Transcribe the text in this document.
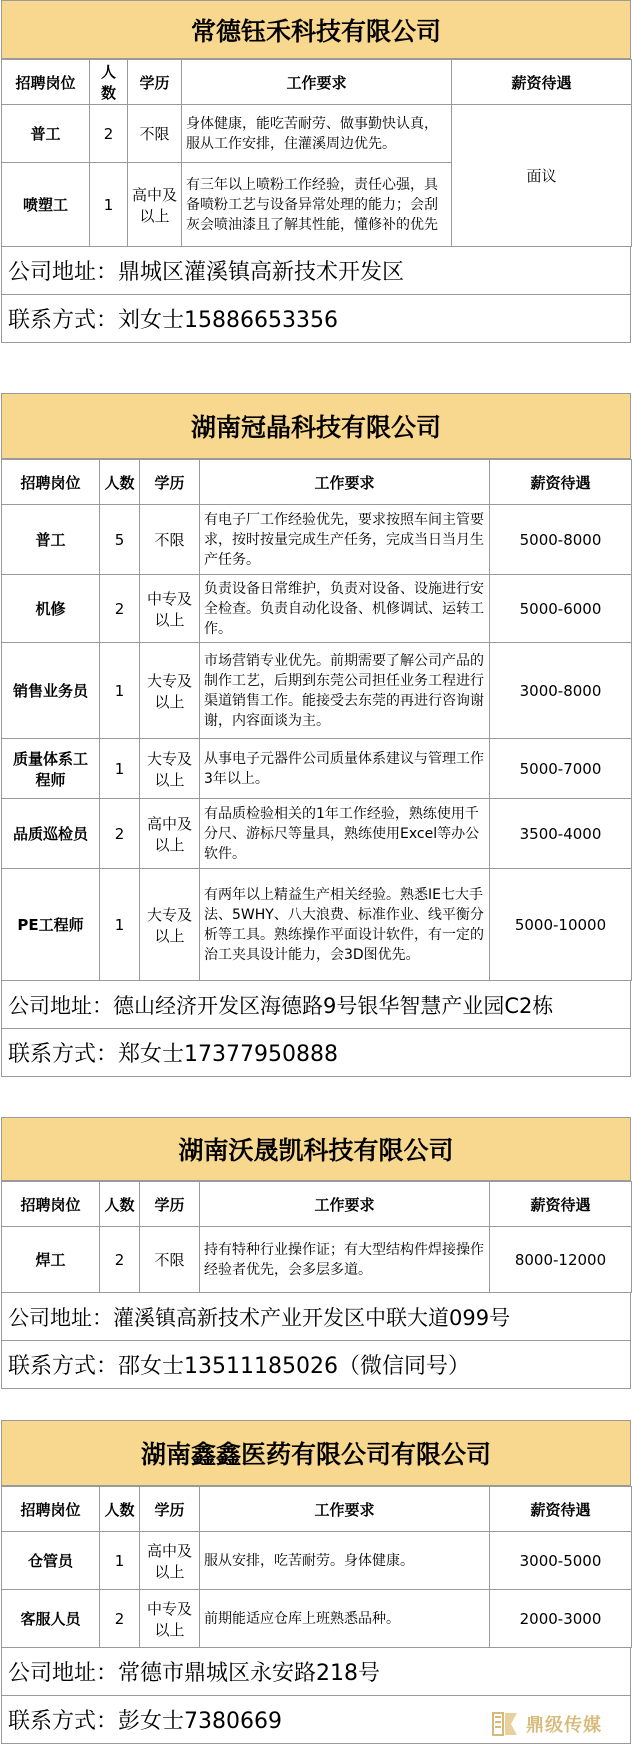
常德钰禾科技有限公司
招聘岗位	人数	学历	工作要求	薪资待遇
普工	2	不限	身体健康，能吃苦耐劳、做事勤快认真，服从工作安排，住灌溪周边优先。	面议
喷塑工	1	高中及以上	有三年以上喷粉工作经验，责任心强，具备喷粉工艺与设备异常处理的能力；会刮灰会喷油漆且了解其性能，懂修补的优先	
公司地址：鼎城区灌溪镇高新技术开发区
联系方式：刘女士15886653356
湖南冠晶科技有限公司
招聘岗位	人数	学历	工作要求	薪资待遇
普工	5	不限	有电子厂工作经验优先，要求按照车间主管要求，按时按量完成生产任务，完成当日当月生产任务。	5000-8000
机修	2	中专及以上	负责设备日常维护，负责对设备、设施进行安全检查。负责自动化设备、机修调试、运转工作。	5000-6000
销售业务员	1	大专及以上	市场营销专业优先。前期需要了解公司产品的制作工艺，后期到东莞公司担任业务工程进行渠道销售工作。能接受去东莞的再进行咨询谢谢，内容面谈为主。	3000-8000
质量体系工程师	1	大专及以上	从事电子元器件公司质量体系建议与管理工作3年以上。	5000-7000
品质巡检员	2	高中及以上	有品质检验相关的1年工作经验，熟练使用千分尺、游标尺等量具，熟练使用Excel等办公软件。	3500-4000
PE工程师	1	大专及以上	有两年以上精益生产相关经验。熟悉IE七大手法、5WHY、八大浪费、标准作业、线平衡分析等工具。熟练操作平面设计软件，有一定的治工夹具设计能力，会3D图优先。	5000-10000
公司地址：德山经济开发区海德路9号银华智慧产业园C2栋
联系方式：郑女士17377950888
湖南沃晟凯科技有限公司
招聘岗位	人数	学历	工作要求	薪资待遇
焊工	2	不限	持有特种行业操作证；有大型结构件焊接操作经验者优先，会多层多道。	8000-12000
公司地址：灌溪镇高新技术产业开发区中联大道099号
联系方式：邵女士13511185026（微信同号）
湖南鑫鑫医药有限公司有限公司
招聘岗位	人数	学历	工作要求	薪资待遇
仓管员	1	高中及以上	服从安排，吃苦耐劳。身体健康。	3000-5000
客服人员	2	中专及以上	前期能适应仓库上班熟悉品种。	2000-3000
公司地址：常德市鼎城区永安路218号
联系方式：彭女士7380669	鼎级传媒
